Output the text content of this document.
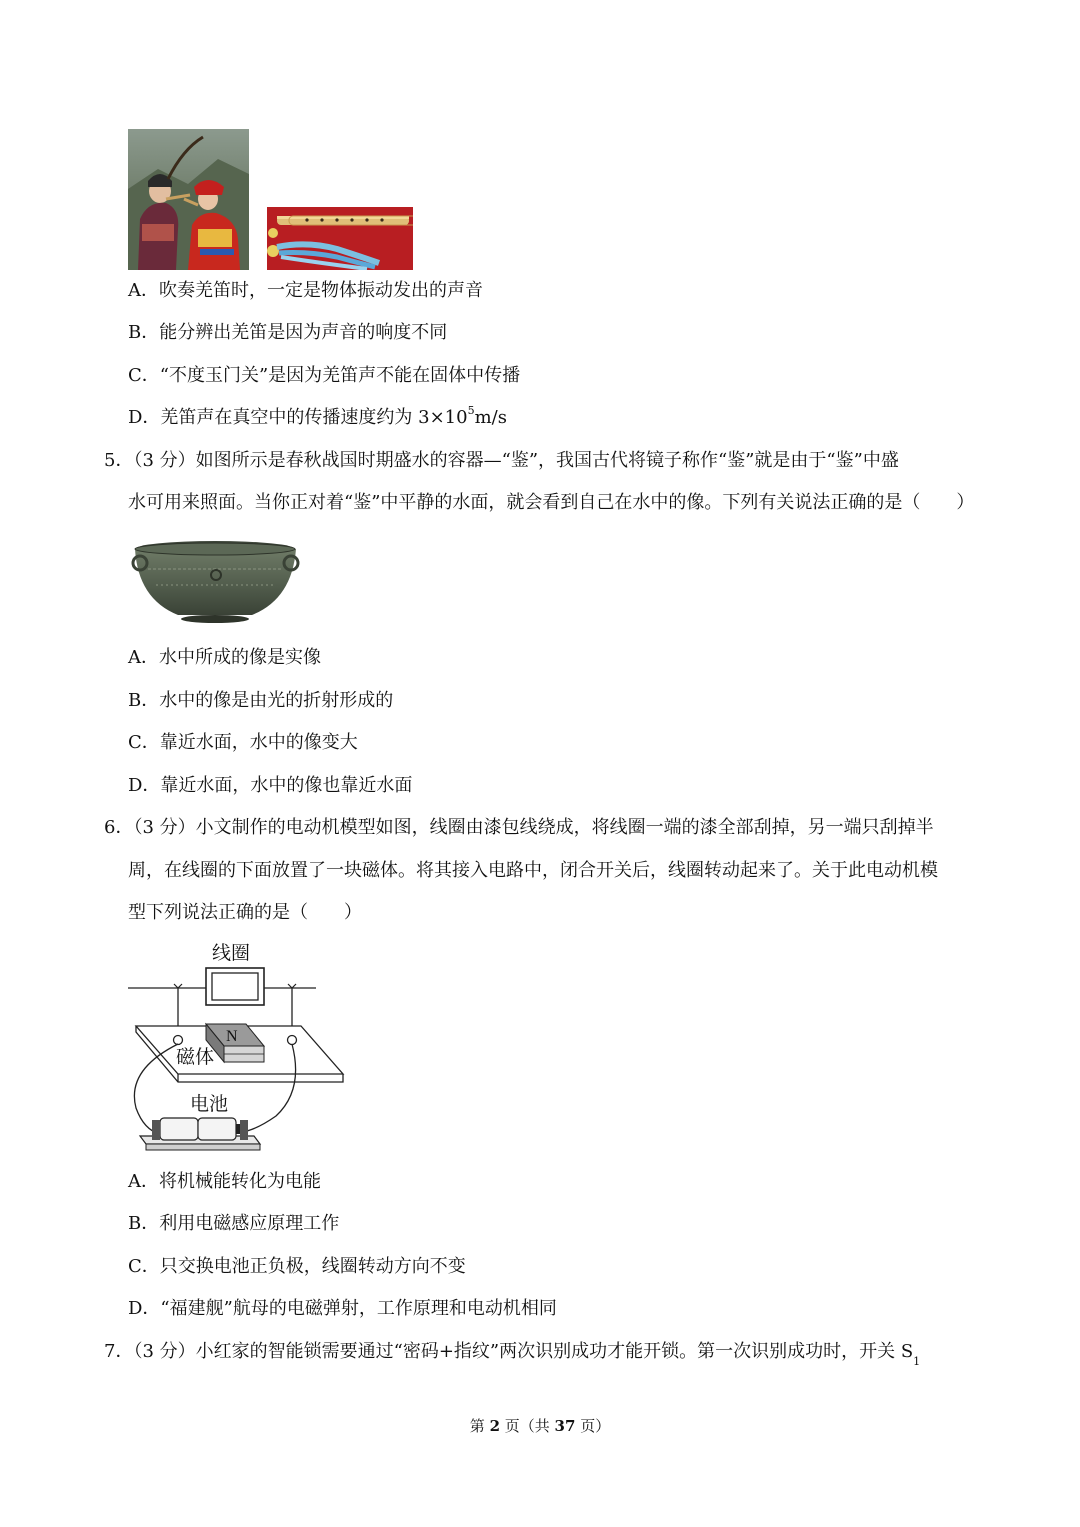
A．吹奏羌笛时，一定是物体振动发出的声音
B．能分辨出羌笛是因为声音的响度不同
C．“不度玉门关”是因为羌笛声不能在固体中传播
D．羌笛声在真空中的传播速度约为 $3\times 10^5m/s$
5．（3 分）如图所示是春秋战国时期盛水的容器—“鉴”，我国古代将镜子称作“鉴”就是由于“鉴”中盛
水可用来照面。当你正对着“鉴”中平静的水面，就会看到自己在水中的像。下列有关说法正确的是（　　）
A．水中所成的像是实像
B．水中的像是由光的折射形成的
C．靠近水面，水中的像变大
D．靠近水面，水中的像也靠近水面
6．（3 分）小文制作的电动机模型如图，线圈由漆包线绕成，将线圈一端的漆全部刮掉，另一端只刮掉半
周，在线圈的下面放置了一块磁体。将其接入电路中，闭合开关后，线圈转动起来了。关于此电动机模
型下列说法正确的是（　　）
线圈
N
磁体
电池
A．将机械能转化为电能
B．利用电磁感应原理工作
C．只交换电池正负极，线圈转动方向不变
D．“福建舰”航母的电磁弹射，工作原理和电动机相同
7．（3 分）小红家的智能锁需要通过“密码+指纹”两次识别成功才能开锁。第一次识别成功时，开关 $S_1$
第 2 页（共 37 页）
